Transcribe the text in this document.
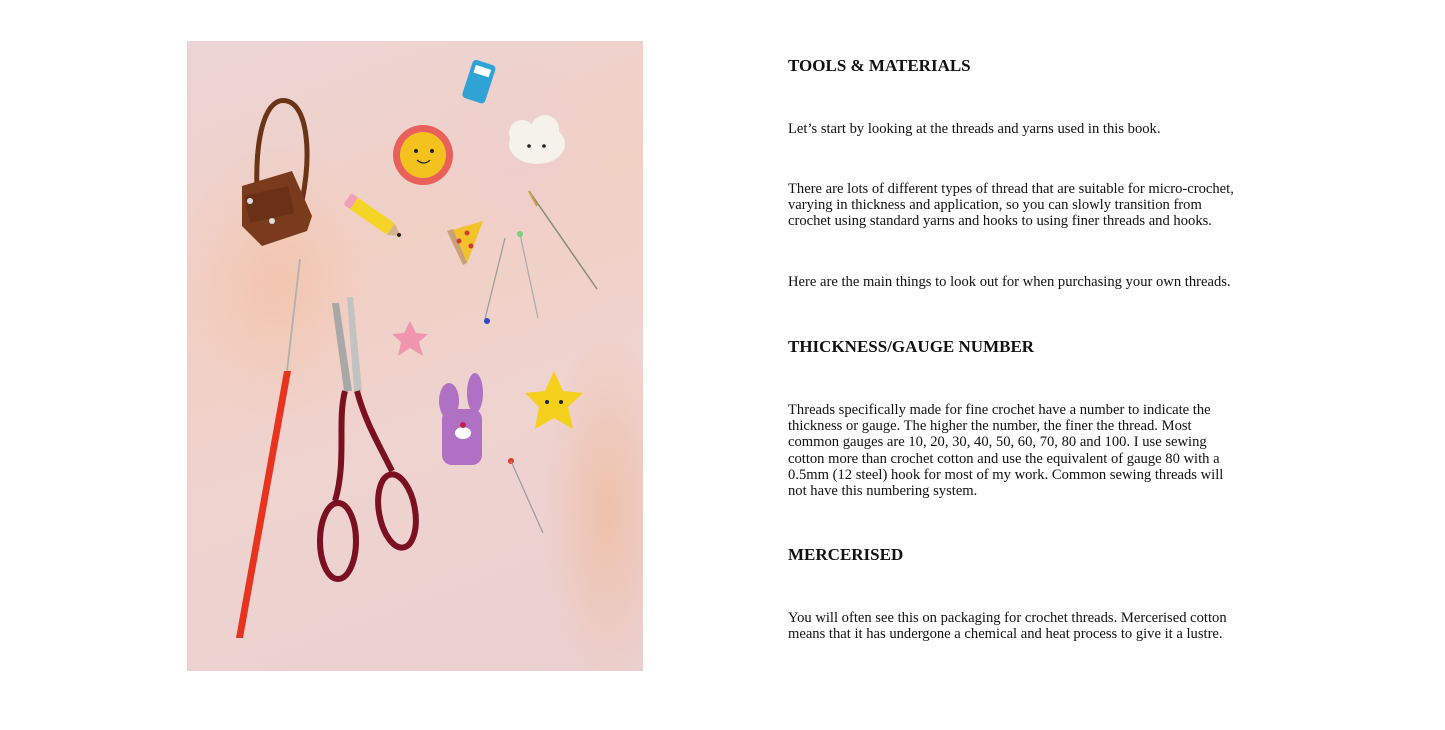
TOOLS & MATERIALS

Let’s start by looking at the threads and yarns used in this book.

There are lots of different types of thread that are suitable for micro-crochet, varying in thickness and application, so you can slowly transition from crochet using standard yarns and hooks to using finer threads and hooks.

Here are the main things to look out for when purchasing your own threads.

THICKNESS/GAUGE NUMBER

Threads specifically made for fine crochet have a number to indicate the thickness or gauge. The higher the number, the finer the thread. Most common gauges are 10, 20, 30, 40, 50, 60, 70, 80 and 100. I use sewing cotton more than crochet cotton and use the equivalent of gauge 80 with a 0.5mm (12 steel) hook for most of my work. Common sewing threads will not have this numbering system.

MERCERISED

You will often see this on packaging for crochet threads. Mercerised cotton means that it has undergone a chemical and heat process to give it a lustre.
